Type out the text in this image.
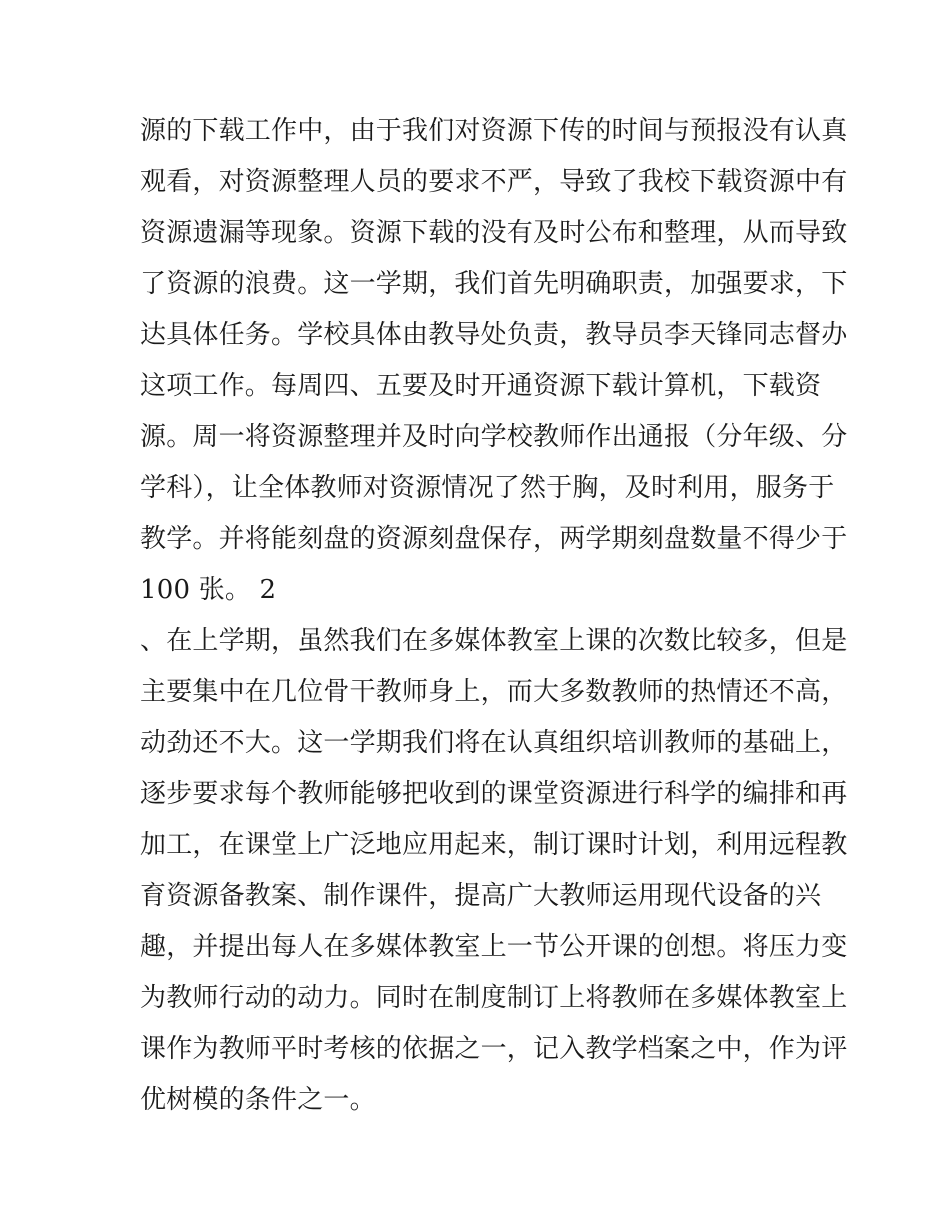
源的下载工作中，由于我们对资源下传的时间与预报没有认真
观看，对资源整理人员的要求不严，导致了我校下载资源中有
资源遗漏等现象。资源下载的没有及时公布和整理，从而导致
了资源的浪费。这一学期，我们首先明确职责，加强要求，下
达具体任务。学校具体由教导处负责，教导员李天锋同志督办
这项工作。每周四、五要及时开通资源下载计算机，下载资
源。周一将资源整理并及时向学校教师作出通报（分年级、分
学科），让全体教师对资源情况了然于胸，及时利用，服务于
教学。并将能刻盘的资源刻盘保存，两学期刻盘数量不得少于
100 张。 2
、在上学期，虽然我们在多媒体教室上课的次数比较多，但是
主要集中在几位骨干教师身上，而大多数教师的热情还不高，
动劲还不大。这一学期我们将在认真组织培训教师的基础上，
逐步要求每个教师能够把收到的课堂资源进行科学的编排和再
加工，在课堂上广泛地应用起来，制订课时计划，利用远程教
育资源备教案、制作课件，提高广大教师运用现代设备的兴
趣，并提出每人在多媒体教室上一节公开课的创想。将压力变
为教师行动的动力。同时在制度制订上将教师在多媒体教室上
课作为教师平时考核的依据之一，记入教学档案之中，作为评
优树模的条件之一。
